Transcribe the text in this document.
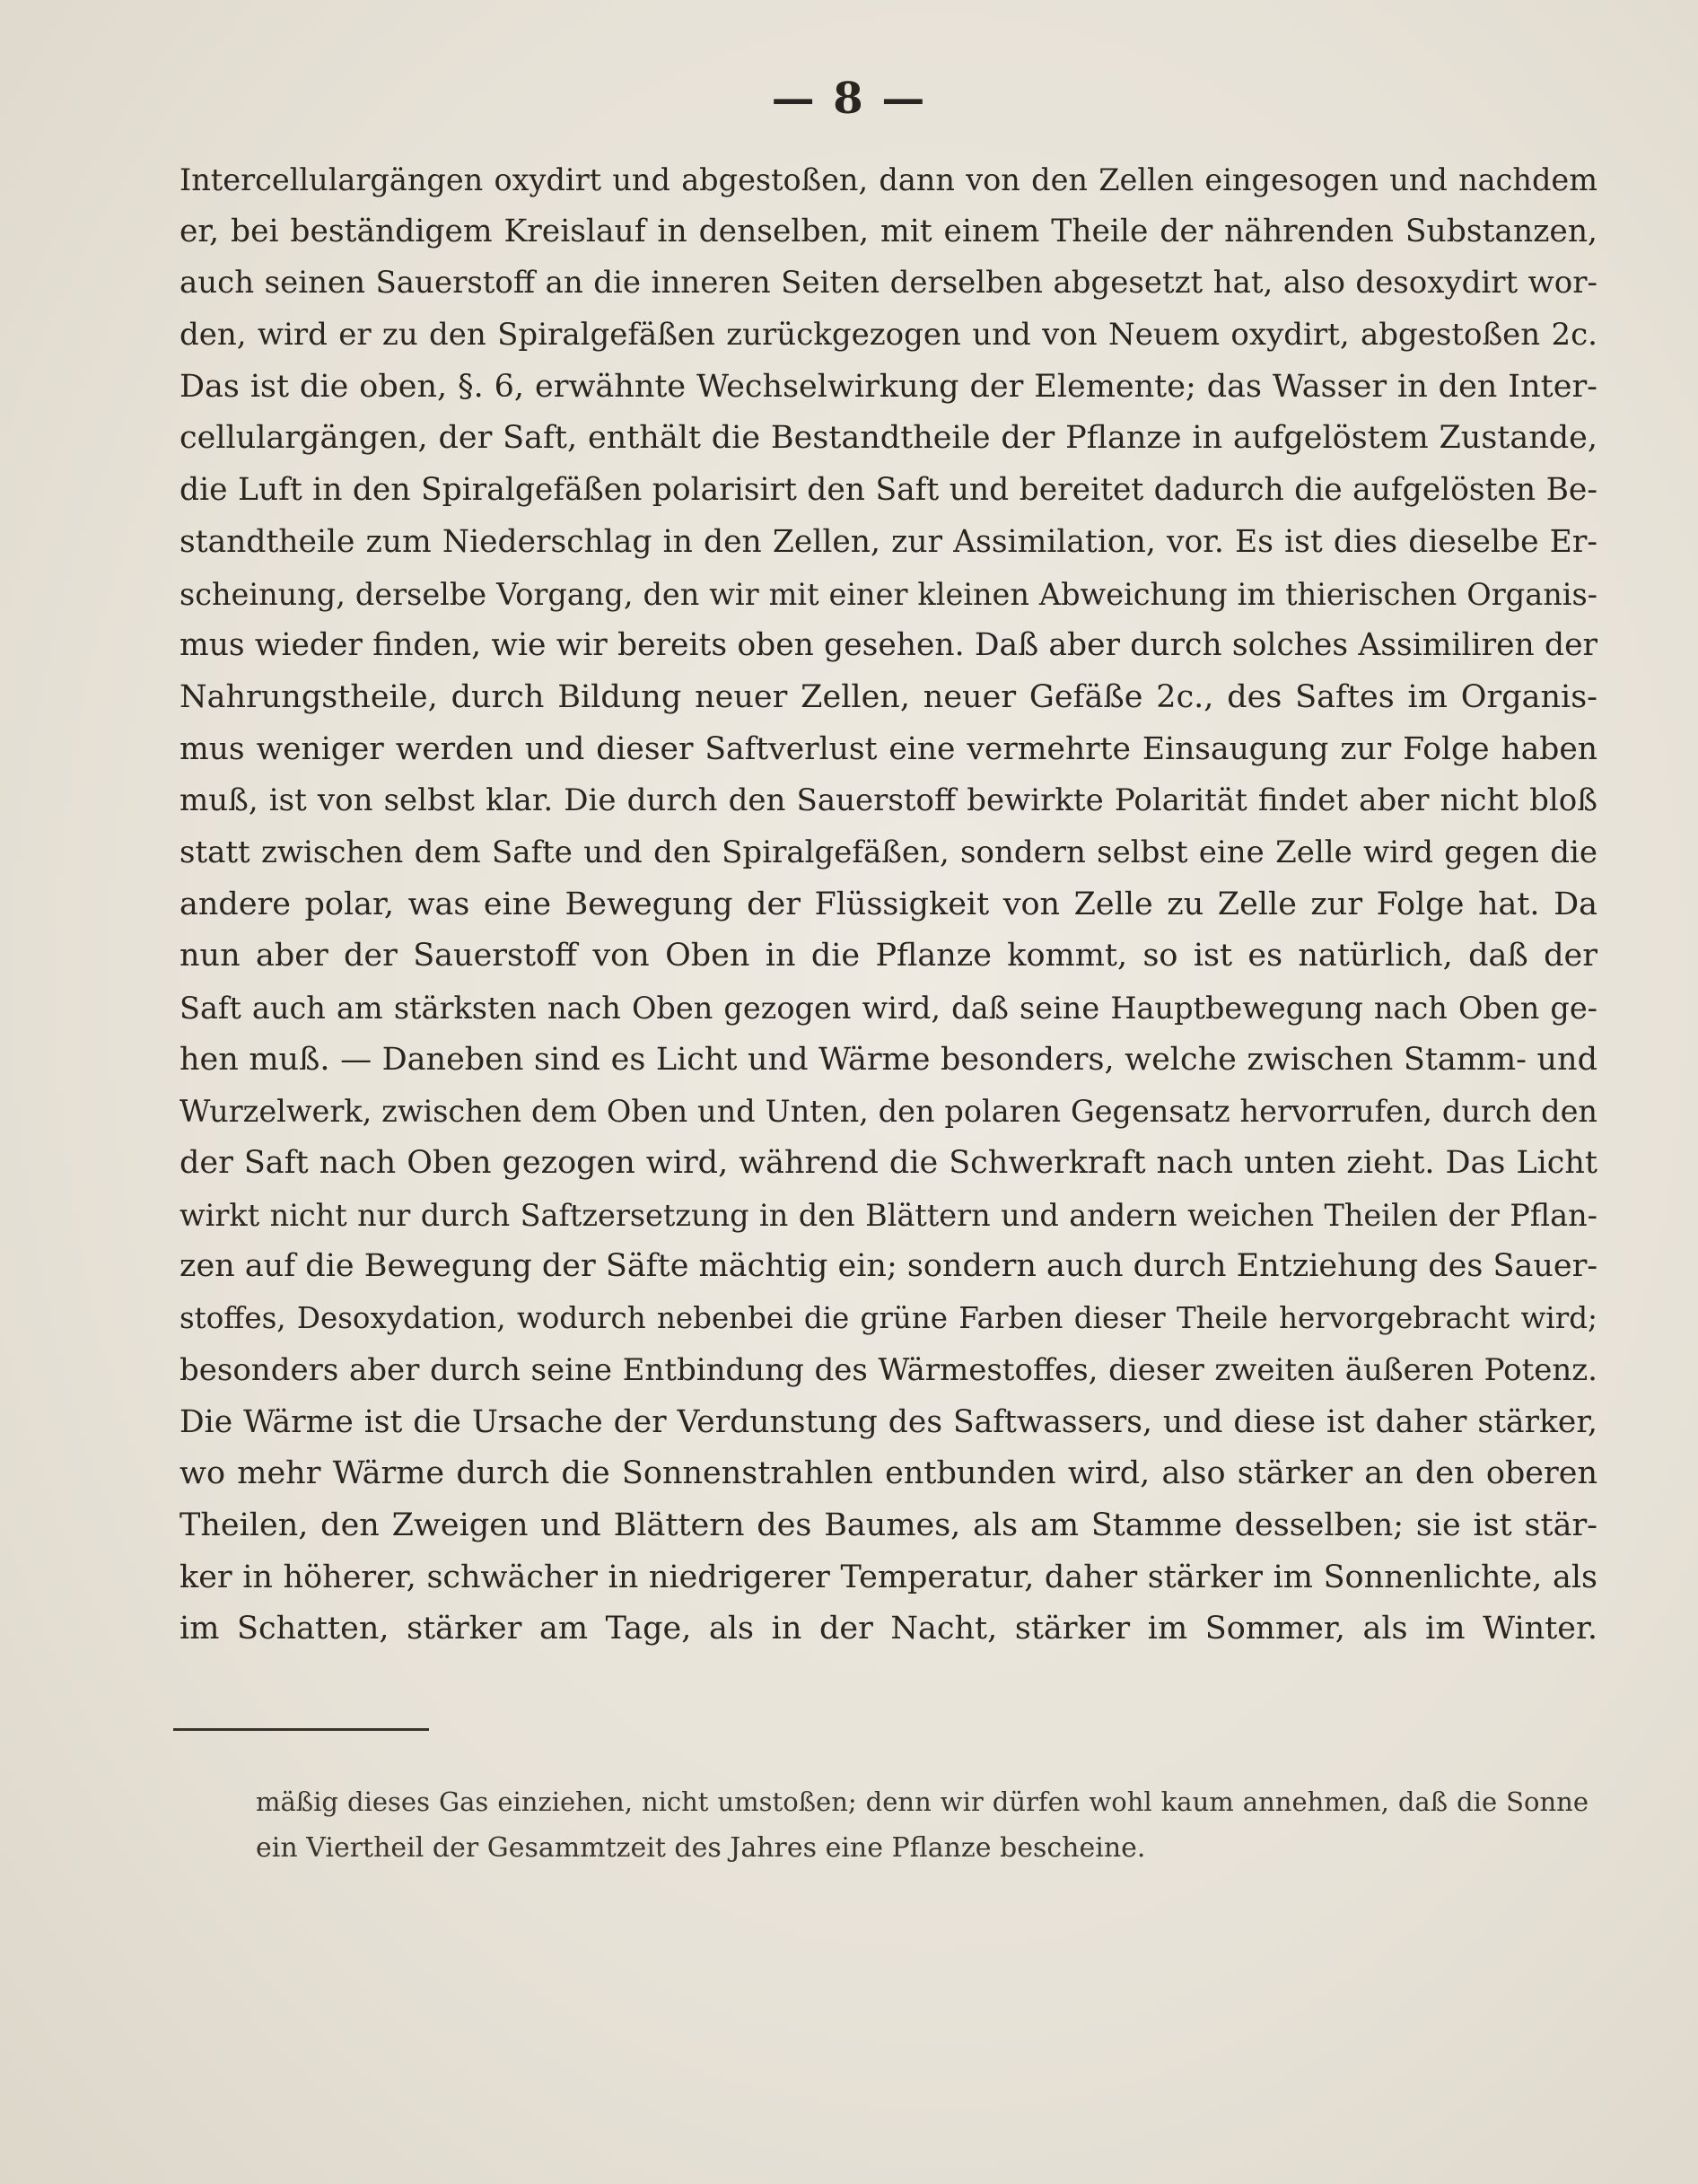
— 8 —
Intercellulargängen oxydirt und abgestoßen, dann von den Zellen eingesogen und nachdem
er, bei beständigem Kreislauf in denselben, mit einem Theile der nährenden Substanzen,
auch seinen Sauerstoff an die inneren Seiten derselben abgesetzt hat, also desoxydirt wor-
den, wird er zu den Spiralgefäßen zurückgezogen und von Neuem oxydirt, abgestoßen 2c.
Das ist die oben, §. 6, erwähnte Wechselwirkung der Elemente; das Wasser in den Inter-
cellulargängen, der Saft, enthält die Bestandtheile der Pflanze in aufgelöstem Zustande,
die Luft in den Spiralgefäßen polarisirt den Saft und bereitet dadurch die aufgelösten Be-
standtheile zum Niederschlag in den Zellen, zur Assimilation, vor. Es ist dies dieselbe Er-
scheinung, derselbe Vorgang, den wir mit einer kleinen Abweichung im thierischen Organis-
mus wieder finden, wie wir bereits oben gesehen. Daß aber durch solches Assimiliren der
Nahrungstheile, durch Bildung neuer Zellen, neuer Gefäße 2c., des Saftes im Organis-
mus weniger werden und dieser Saftverlust eine vermehrte Einsaugung zur Folge haben
muß, ist von selbst klar. Die durch den Sauerstoff bewirkte Polarität findet aber nicht bloß
statt zwischen dem Safte und den Spiralgefäßen, sondern selbst eine Zelle wird gegen die
andere polar, was eine Bewegung der Flüssigkeit von Zelle zu Zelle zur Folge hat. Da
nun aber der Sauerstoff von Oben in die Pflanze kommt, so ist es natürlich, daß der
Saft auch am stärksten nach Oben gezogen wird, daß seine Hauptbewegung nach Oben ge-
hen muß. — Daneben sind es Licht und Wärme besonders, welche zwischen Stamm- und
Wurzelwerk, zwischen dem Oben und Unten, den polaren Gegensatz hervorrufen, durch den
der Saft nach Oben gezogen wird, während die Schwerkraft nach unten zieht. Das Licht
wirkt nicht nur durch Saftzersetzung in den Blättern und andern weichen Theilen der Pflan-
zen auf die Bewegung der Säfte mächtig ein; sondern auch durch Entziehung des Sauer-
stoffes, Desoxydation, wodurch nebenbei die grüne Farben dieser Theile hervorgebracht wird;
besonders aber durch seine Entbindung des Wärmestoffes, dieser zweiten äußeren Potenz.
Die Wärme ist die Ursache der Verdunstung des Saftwassers, und diese ist daher stärker,
wo mehr Wärme durch die Sonnenstrahlen entbunden wird, also stärker an den oberen
Theilen, den Zweigen und Blättern des Baumes, als am Stamme desselben; sie ist stär-
ker in höherer, schwächer in niedrigerer Temperatur, daher stärker im Sonnenlichte, als
im Schatten, stärker am Tage, als in der Nacht, stärker im Sommer, als im Winter.
mäßig dieses Gas einziehen, nicht umstoßen; denn wir dürfen wohl kaum annehmen, daß die Sonne
ein Viertheil der Gesammtzeit des Jahres eine Pflanze bescheine.
